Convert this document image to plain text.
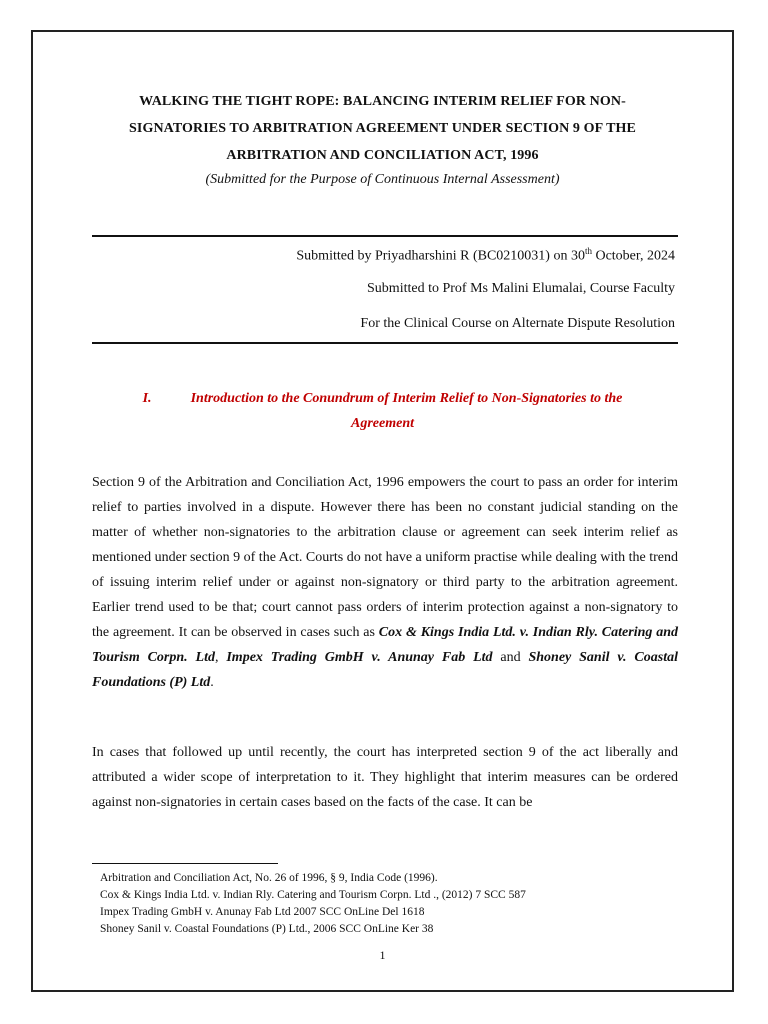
WALKING THE TIGHT ROPE: BALANCING INTERIM RELIEF FOR NON-
SIGNATORIES TO ARBITRATION AGREEMENT UNDER SECTION 9 OF THE
ARBITRATION AND CONCILIATION ACT, 1996
(Submitted for the Purpose of Continuous Internal Assessment)
Submitted by Priyadharshini R (BC0210031) on 30th October, 2024
Submitted to Prof Ms Malini Elumalai, Course Faculty
For the Clinical Course on Alternate Dispute Resolution
I.	Introduction to the Conundrum of Interim Relief to Non-Signatories to the
Agreement
Section 9 of the Arbitration and Conciliation Act, 1996 empowers the court to pass an order for interim relief to parties involved in a dispute. However there has been no constant judicial standing on the matter of whether non-signatories to the arbitration clause or agreement can seek interim relief as mentioned under section 9 of the Act. Courts do not have a uniform practise while dealing with the trend of issuing interim relief under or against non-signatory or third party to the arbitration agreement. Earlier trend used to be that; court cannot pass orders of interim protection against a non-signatory to the agreement. It can be observed in cases such as Cox & Kings India Ltd. v. Indian Rly. Catering and Tourism Corpn. Ltd, Impex Trading GmbH v. Anunay Fab Ltd and Shoney Sanil v. Coastal Foundations (P) Ltd.
In cases that followed up until recently, the court has interpreted section 9 of the act liberally and attributed a wider scope of interpretation to it. They highlight that interim measures can be ordered against non-signatories in certain cases based on the facts of the case. It can be
Arbitration and Conciliation Act, No. 26 of 1996, § 9, India Code (1996).
Cox & Kings India Ltd. v. Indian Rly. Catering and Tourism Corpn. Ltd ., (2012) 7 SCC 587
Impex Trading GmbH v. Anunay Fab Ltd 2007 SCC OnLine Del 1618
Shoney Sanil v. Coastal Foundations (P) Ltd., 2006 SCC OnLine Ker 38
1
